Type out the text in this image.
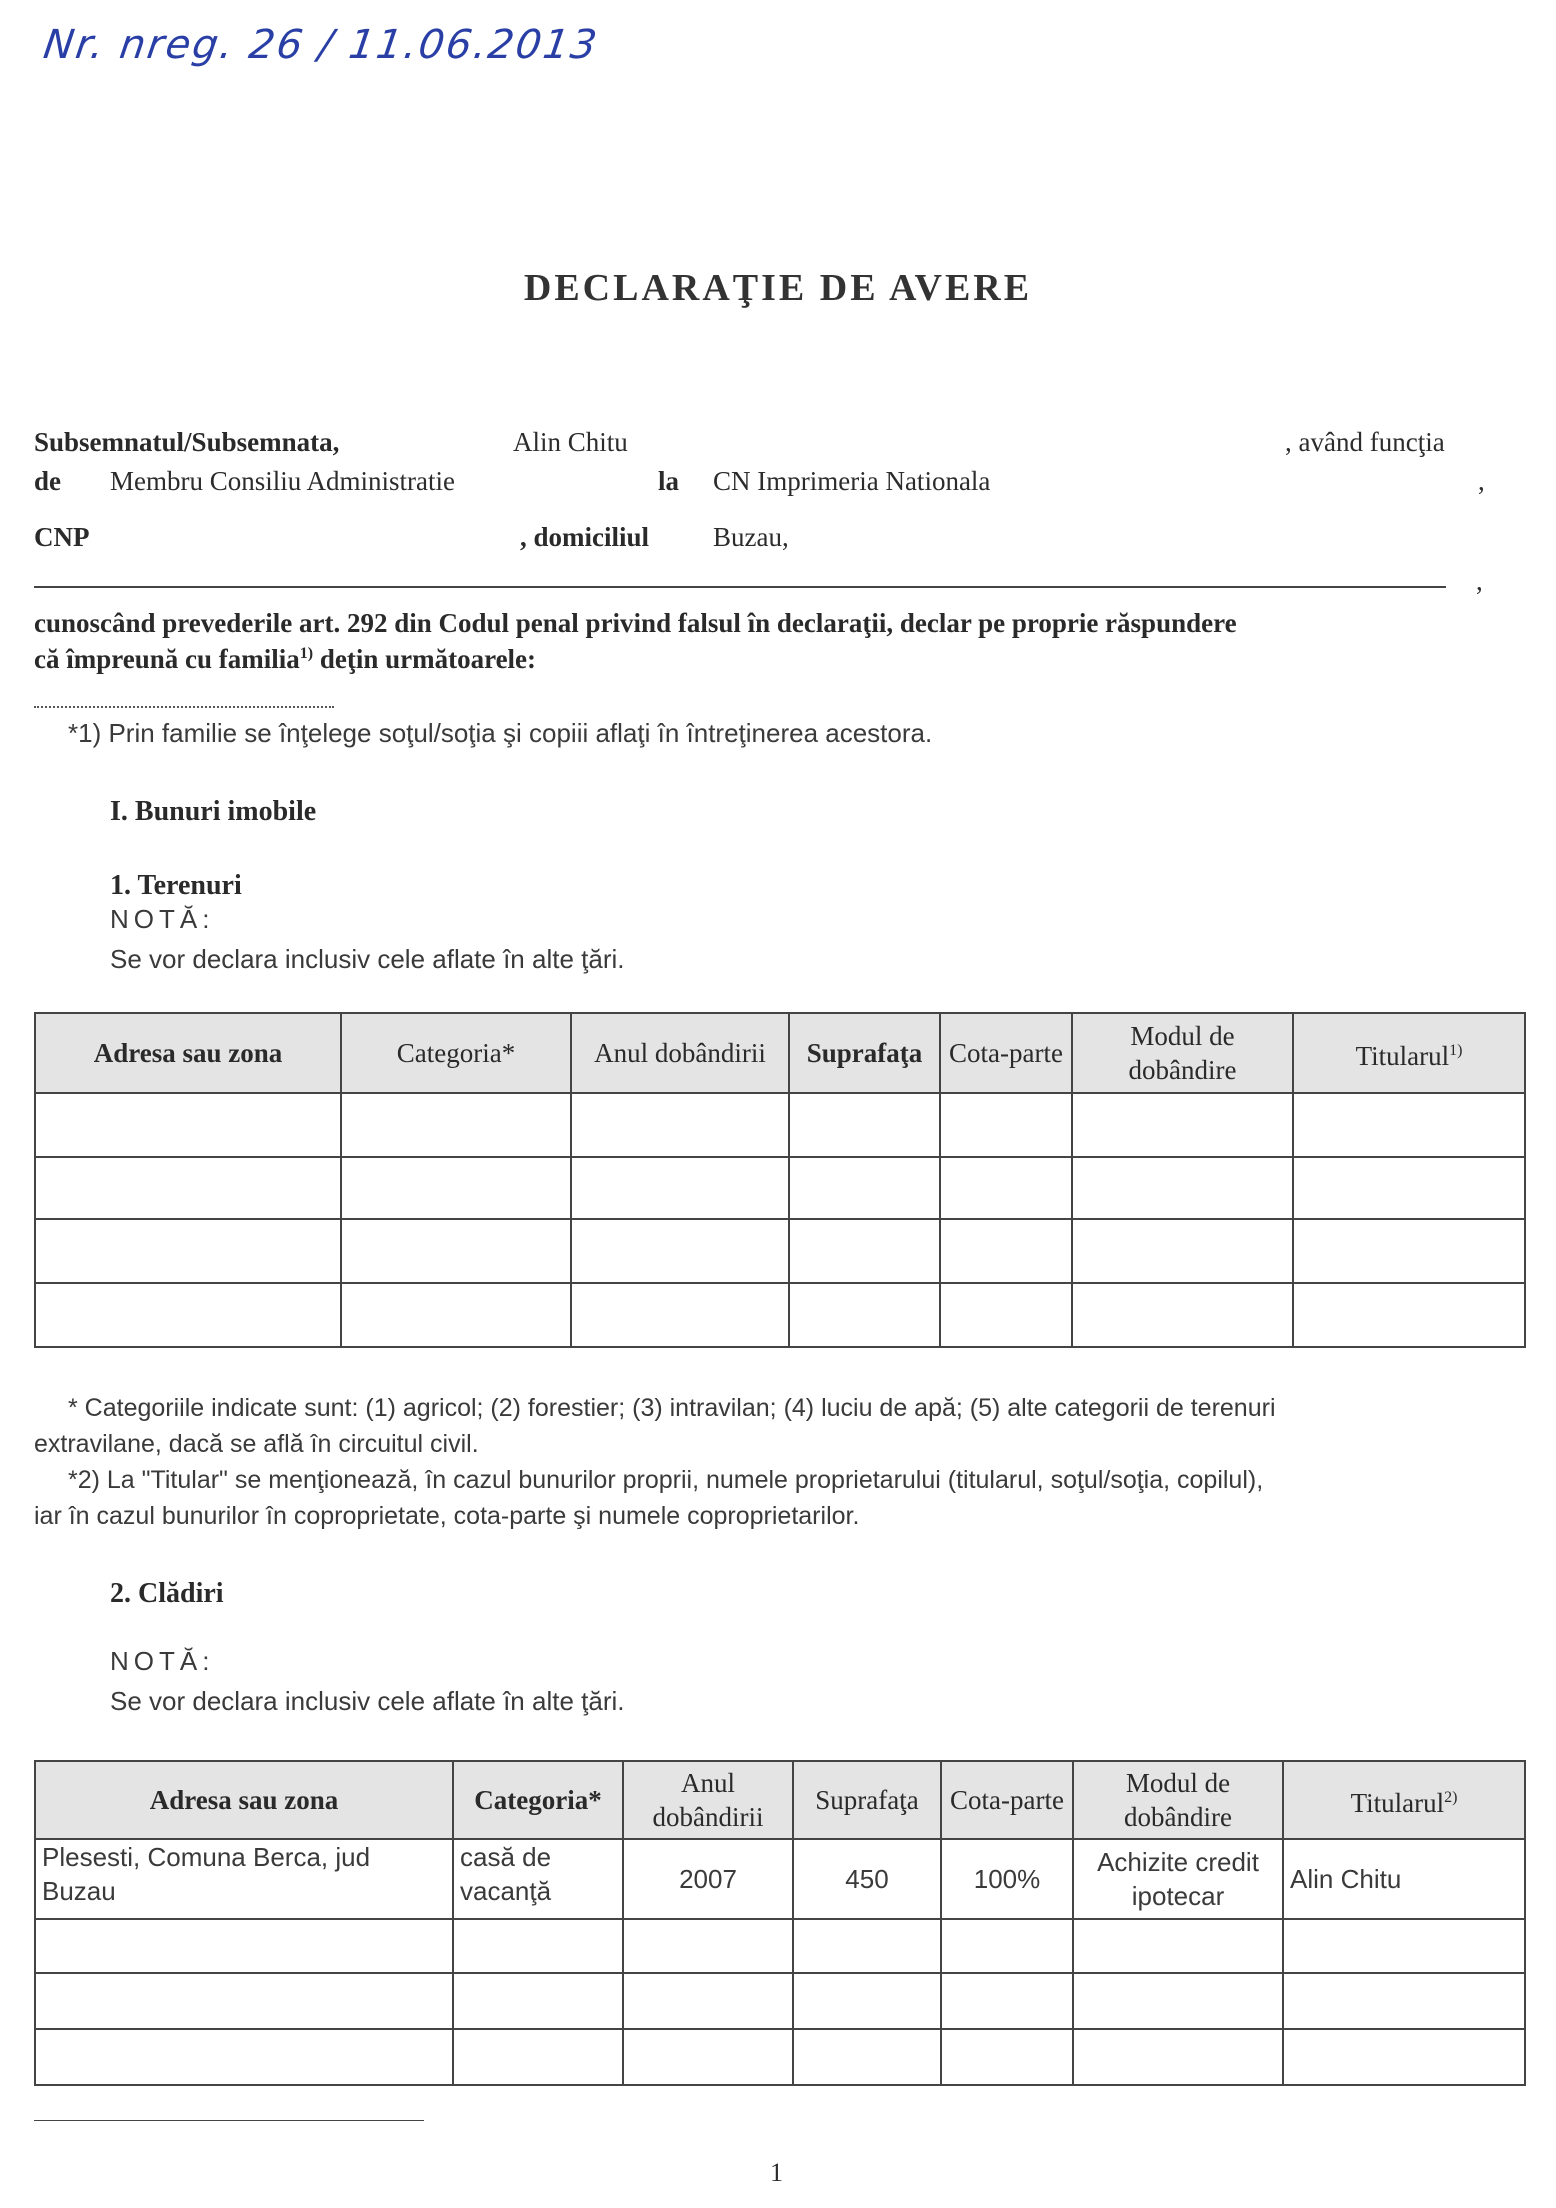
Nr. nreg. 26 / 11.06.2013
DECLARAŢIE DE AVERE
Subsemnatul/Subsemnata,	Alin Chitu	, având funcţia
de Membru Consiliu Administratie	la CN Imprimeria Nationala	,
CNP	, domiciliul Buzau,
,
cunoscând prevederile art. 292 din Codul penal privind falsul în declaraţii, declar pe proprie răspundere
că împreună cu familia$^{1)}$ deţin următoarele:
*1) Prin familie se înţelege soţul/soţia şi copiii aflaţi în întreţinerea acestora.
I. Bunuri imobile
1. Terenuri
NOTĂ:
Se vor declara inclusiv cele aflate în alte ţări.
Adresa sau zona	Categoria*	Anul dobândirii	Suprafaţa	Cota-parte	Modul de dobândire	Titularul$^{1)}$

* Categoriile indicate sunt: (1) agricol; (2) forestier; (3) intravilan; (4) luciu de apă; (5) alte categorii de terenuri
extravilane, dacă se află în circuitul civil.
*2) La "Titular" se menţionează, în cazul bunurilor proprii, numele proprietarului (titularul, soţul/soţia, copilul),
iar în cazul bunurilor în coproprietate, cota-parte şi numele coproprietarilor.
2. Clădiri
NOTĂ:
Se vor declara inclusiv cele aflate în alte ţări.
Adresa sau zona	Categoria*	Anul dobândirii	Suprafaţa	Cota-parte	Modul de dobândire	Titularul$^{2)}$
Plesesti, Comuna Berca, jud Buzau	casă de vacanţă	2007	450	100%	Achizite credit ipotecar	Alin Chitu

1
